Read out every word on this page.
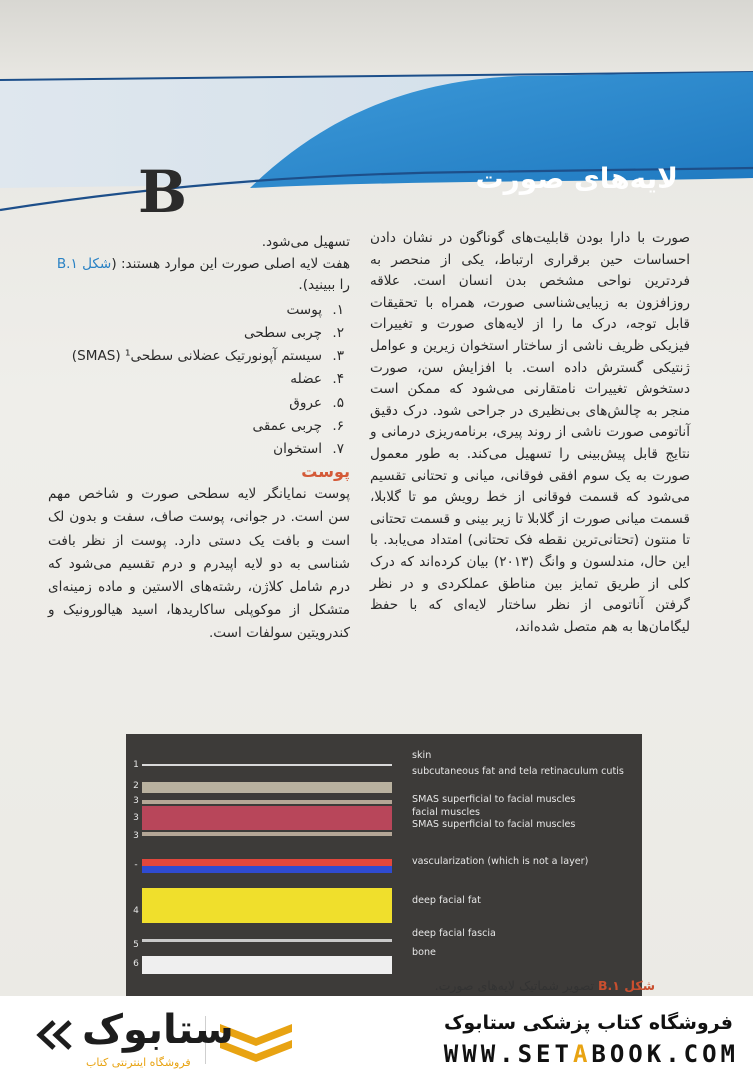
B	لایه‌های صورت

صورت با دارا بودن قابلیت‌های گوناگون در نشان دادن احساسات حین برقراری ارتباط، یکی از منحصر به فردترین نواحی مشخص بدن انسان است. علاقه روزافزون به زیبایی‌شناسی صورت، همراه با تحقیقات قابل توجه، درک ما را از لایه‌های صورت و تغییرات فیزیکی ظریف ناشی از ساختار استخوان زیرین و عوامل ژنتیکی گسترش داده است. با افزایش سن، صورت دستخوش تغییرات نامتقارنی می‌شود که ممکن است منجر به چالش‌های بی‌نظیری در جراحی شود. درک دقیق آناتومی صورت ناشی از روند پیری، برنامه‌ریزی درمانی و نتایج قابل پیش‌بینی را تسهیل می‌کند. به طور معمول صورت به یک سوم افقی فوقانی، میانی و تحتانی تقسیم می‌شود که قسمت فوقانی از خط رویش مو تا گلابلا، قسمت میانی صورت از گلابلا تا زیر بینی و قسمت تحتانی تا منتون (تحتانی‌ترین نقطه فک تحتانی) امتداد می‌یابد. با این حال، مندلسون و وانگ (۲۰۱۳) بیان کرده‌اند که درک کلی از طریق تمایز بین مناطق عملکردی و در نظر گرفتن آناتومی از نظر ساختار لایه‌ای که با حفظ لیگامان‌ها به هم متصل شده‌اند،

تسهیل می‌شود.

هفت لایه اصلی صورت این موارد هستند: (شکل B.۱ را ببینید).

۱.پوست
۲.چربی سطحی
۳.سیستم آپونورتیک عضلانی سطحی¹ (SMAS)
۴.عضله
۵.عروق
۶.چربی عمقی
۷.استخوان

پوست

پوست نمایانگر لایه سطحی صورت و شاخص مهم سن است. در جوانی، پوست صاف، سفت و بدون لک است و بافت یک دستی دارد. پوست از نظر بافت شناسی به دو لایه اپیدرم و درم تقسیم می‌شود که درم شامل کلاژن، رشته‌های الاستین و ماده زمینه‌ای متشکل از موکوپلی ساکاریدها، اسید هیالورونیک و کندرویتین سولفات است.

1
skin
2
subcutaneous fat and tela retinaculum cutis
3	SMAS superficial to facial muscles
3	facial muscles
3
SMAS superficial to facial muscles
-	vascularization (which is not a layer)
4
deep facial fat
5
deep facial fascia
6
bone
شکل B.۱ تصویر شماتیک لایه‌های صورت.
فروشگاه کتاب پزشکی ستابوک
WWW.SETABOOK.COM
ستابوک
فروشگاه اینترنتی کتاب
